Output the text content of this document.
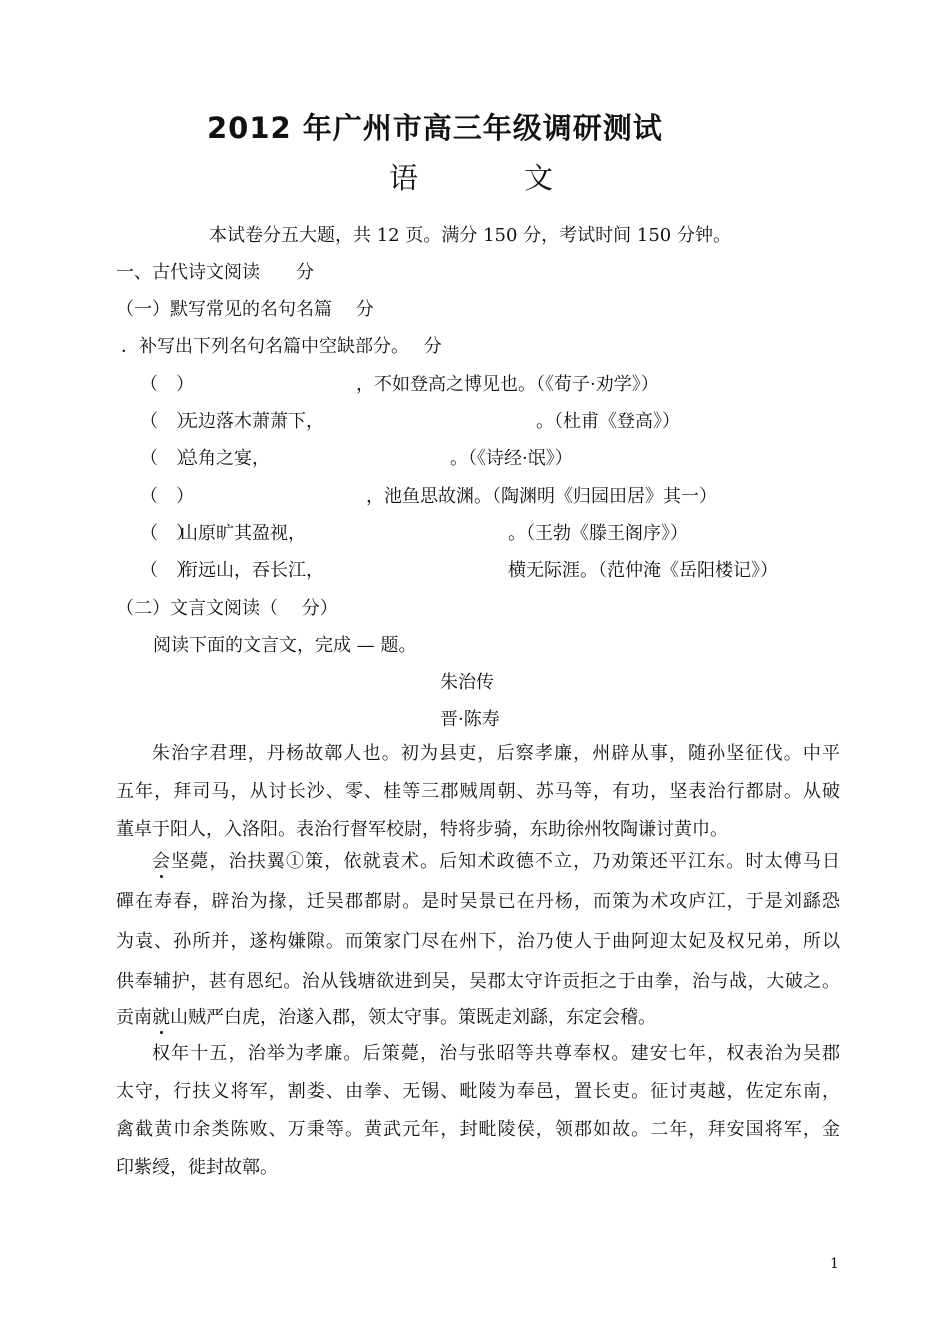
2012 年广州市高三年级调研测试
语	文
本试卷分五大题，共 12 页。满分 150 分，考试时间 150 分钟。
一、古代诗文阅读　　分
（一）默写常见的名句名篇　 分
．补写出下列名句名篇中空缺部分。　 分
（　）	，不如登高之博见也。（《荀子·劝学》）
（　）
无边落木萧萧下，	。（杜甫《登高》）
（　）
总角之宴，	。（《诗经·氓》）
（　）	，池鱼思故渊。（陶渊明《归园田居》其一）
（　）
山原旷其盈视，	。（王勃《滕王阁序》）
（　）
衔远山，吞长江，	横无际涯。（范仲淹《岳阳楼记》）
（二）文言文阅读（　 分）
阅读下面的文言文，完成 — 题。
朱治传
晋·陈寿
朱治字君理，丹杨故鄣人也。初为县吏，后察孝廉，州辟从事，随孙坚征伐。中平
五年，拜司马，从讨长沙、零、桂等三郡贼周朝、苏马等，有功，坚表治行都尉。从破
董卓于阳人，入洛阳。表治行督军校尉，特将步骑，东助徐州牧陶谦讨黄巾。
会坚薨，治扶翼①策，依就袁术。后知术政德不立，乃劝策还平江东。时太傅马日
磾在寿春，辟治为掾，迁吴郡都尉。是时吴景已在丹杨，而策为术攻庐江，于是刘繇恐
为袁、孙所并，遂构嫌隙。而策家门尽在州下，治乃使人于曲阿迎太妃及权兄弟，所以
供奉辅护，甚有恩纪。治从钱塘欲进到吴，吴郡太守许贡拒之于由拳，治与战，大破之。
贡南就山贼严白虎，治遂入郡，领太守事。策既走刘繇，东定会稽。
权年十五，治举为孝廉。后策薨，治与张昭等共尊奉权。建安七年，权表治为吴郡
太守，行扶义将军，割娄、由拳、无锡、毗陵为奉邑，置长吏。征讨夷越，佐定东南，
禽截黄巾余类陈败、万秉等。黄武元年，封毗陵侯，领郡如故。二年，拜安国将军，金
印紫绶，徙封故鄣。
1
